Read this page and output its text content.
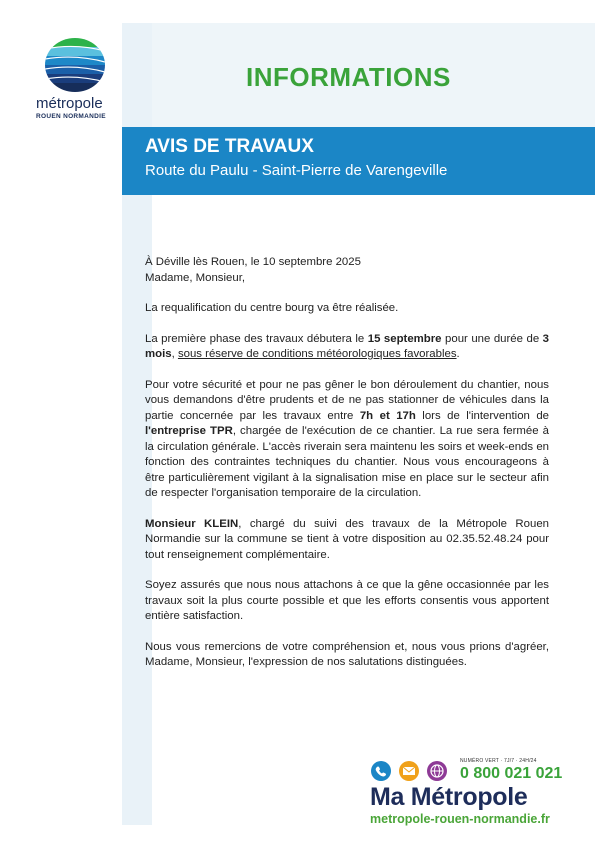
métropole
ROUEN NORMANDIE
INFORMATIONS
AVIS DE TRAVAUX
Route du Paulu - Saint-Pierre de Varengeville

À Déville lès Rouen, le 10 septembre 2025

Madame, Monsieur,

La requalification du centre bourg va être réalisée.

La première phase des travaux débutera le 15 septembre pour une durée de 3 mois, sous réserve de conditions météorologiques favorables.

Pour votre sécurité et pour ne pas gêner le bon déroulement du chantier, nous vous demandons d'être prudents et de ne pas stationner de véhicules dans la partie concernée par les travaux entre 7h et 17h lors de l'intervention de l'entreprise TPR, chargée de l'exécution de ce chantier. La rue sera fermée à la circulation générale. L'accès riverain sera maintenu les soirs et week-ends en fonction des contraintes techniques du chantier. Nous vous encourageons à être particulièrement vigilant à la signalisation mise en place sur le secteur afin de respecter l'organisation temporaire de la circulation.

Monsieur KLEIN, chargé du suivi des travaux de la Métropole Rouen Normandie sur la commune se tient à votre disposition au 02.35.52.48.24 pour tout renseignement complémentaire.

Soyez assurés que nous nous attachons à ce que la gêne occasionnée par les travaux soit la plus courte possible et que les efforts consentis vous apportent entière satisfaction.

Nous vous remercions de votre compréhension et, nous vous prions d'agréer, Madame, Monsieur, l'expression de nos salutations distinguées.

NUMÉRO VERT · 7J/7 · 24H/24
0 800 021 021
Ma Métropole
metropole-rouen-normandie.fr
